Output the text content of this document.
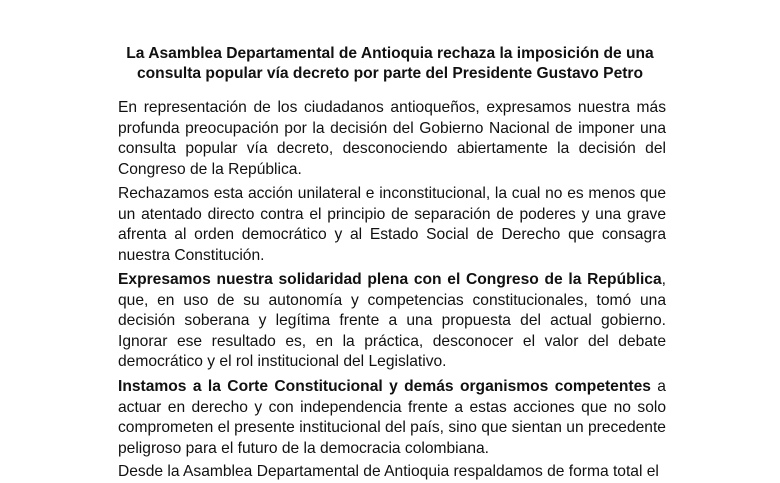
La Asamblea Departamental de Antioquia rechaza la imposición de una consulta popular vía decreto por parte del Presidente Gustavo Petro

En representación de los ciudadanos antioqueños, expresamos nuestra más profunda preocupación por la decisión del Gobierno Nacional de imponer una consulta popular vía decreto, desconociendo abiertamente la decisión del Congreso de la República.

Rechazamos esta acción unilateral e inconstitucional, la cual no es menos que un atentado directo contra el principio de separación de poderes y una grave afrenta al orden democrático y al Estado Social de Derecho que consagra nuestra Constitución.

Expresamos nuestra solidaridad plena con el Congreso de la República, que, en uso de su autonomía y competencias constitucionales, tomó una decisión soberana y legítima frente a una propuesta del actual gobierno. Ignorar ese resultado es, en la práctica, desconocer el valor del debate democrático y el rol institucional del Legislativo.

Instamos a la Corte Constitucional y demás organismos competentes a actuar en derecho y con independencia frente a estas acciones que no solo comprometen el presente institucional del país, sino que sientan un precedente peligroso para el futuro de la democracia colombiana.

Desde la Asamblea Departamental de Antioquia respaldamos de forma total el
